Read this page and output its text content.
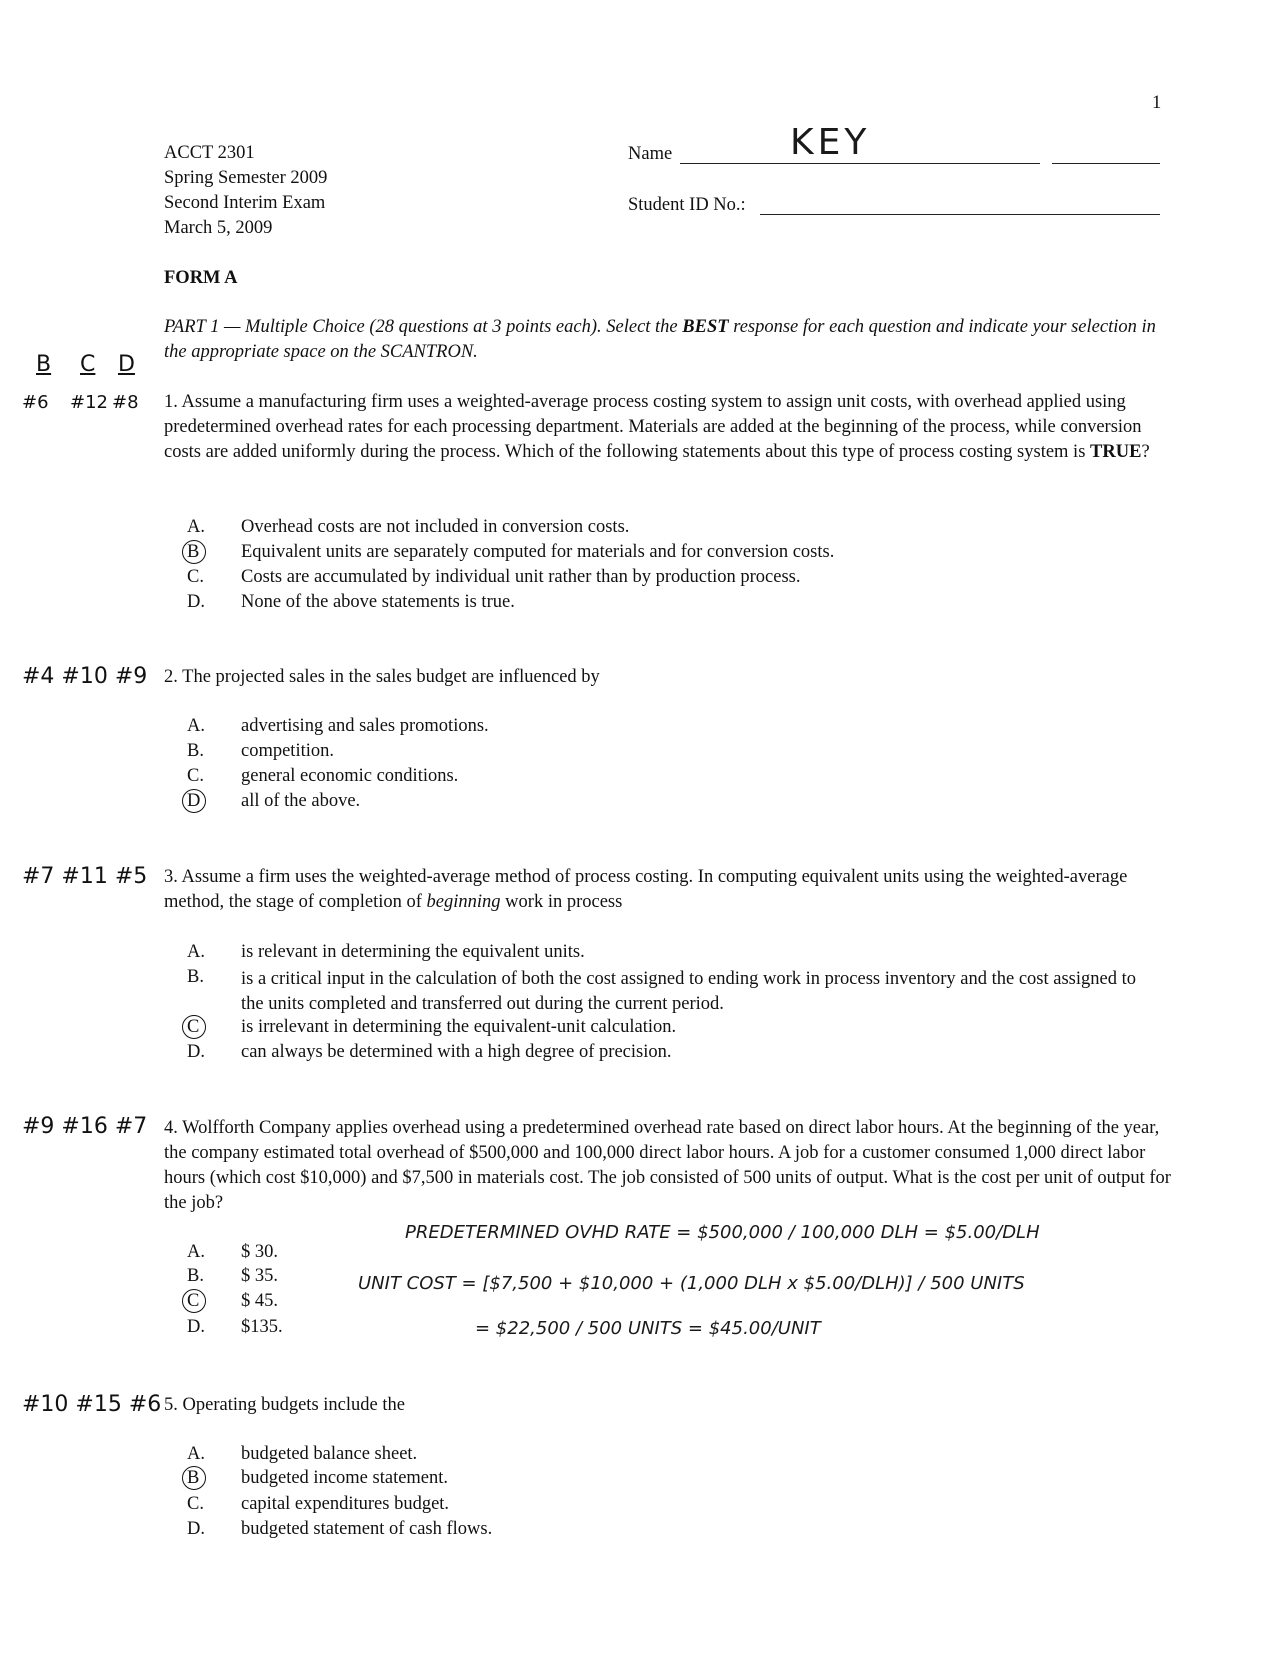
1
ACCT 2301
Spring Semester 2009
Second Interim Exam
March 5, 2009
Name	KEY
Student ID No.:
FORM A
PART 1 — Multiple Choice (28 questions at 3 points each). Select the BEST response for each question and indicate your selection in the appropriate space on the SCANTRON.
B C D
#6 #12 #8 1. Assume a manufacturing firm uses a weighted-average process costing system to assign unit costs, with overhead applied using predetermined overhead rates for each processing department. Materials are added at the beginning of the process, while conversion costs are added uniformly during the process. Which of the following statements about this type of process costing system is TRUE?
A. Overhead costs are not included in conversion costs.
B Equivalent units are separately computed for materials and for conversion costs.
C. Costs are accumulated by individual unit rather than by production process.
D. None of the above statements is true.
#4 #10 #9 2. The projected sales in the sales budget are influenced by
A. advertising and sales promotions.
B. competition.
C. general economic conditions.
D all of the above.
#7 #11 #5 3. Assume a firm uses the weighted-average method of process costing. In computing equivalent units using the weighted-average method, the stage of completion of beginning work in process
A. is relevant in determining the equivalent units.
B. is a critical input in the calculation of both the cost assigned to ending work in process inventory and the cost assigned to the units completed and transferred out during the current period.
C is irrelevant in determining the equivalent-unit calculation.
D. can always be determined with a high degree of precision.
#9 #16 #7 4. Wolfforth Company applies overhead using a predetermined overhead rate based on direct labor hours. At the beginning of the year, the company estimated total overhead of $500,000 and 100,000 direct labor hours. A job for a customer consumed 1,000 direct labor hours (which cost $10,000) and $7,500 in materials cost. The job consisted of 500 units of output. What is the cost per unit of output for the job?
A. $ 30.
B. $ 35.
C $ 45.
D. $135.
PREDETERMINED OVHD RATE = $500,000 / 100,000 DLH = $5.00/DLH
UNIT COST = [$7,500 + $10,000 + (1,000 DLH x $5.00/DLH)] / 500 UNITS
= $22,500 / 500 UNITS = $45.00/UNIT
#10 #15 #6 5. Operating budgets include the
A. budgeted balance sheet.
B budgeted income statement.
C. capital expenditures budget.
D. budgeted statement of cash flows.
